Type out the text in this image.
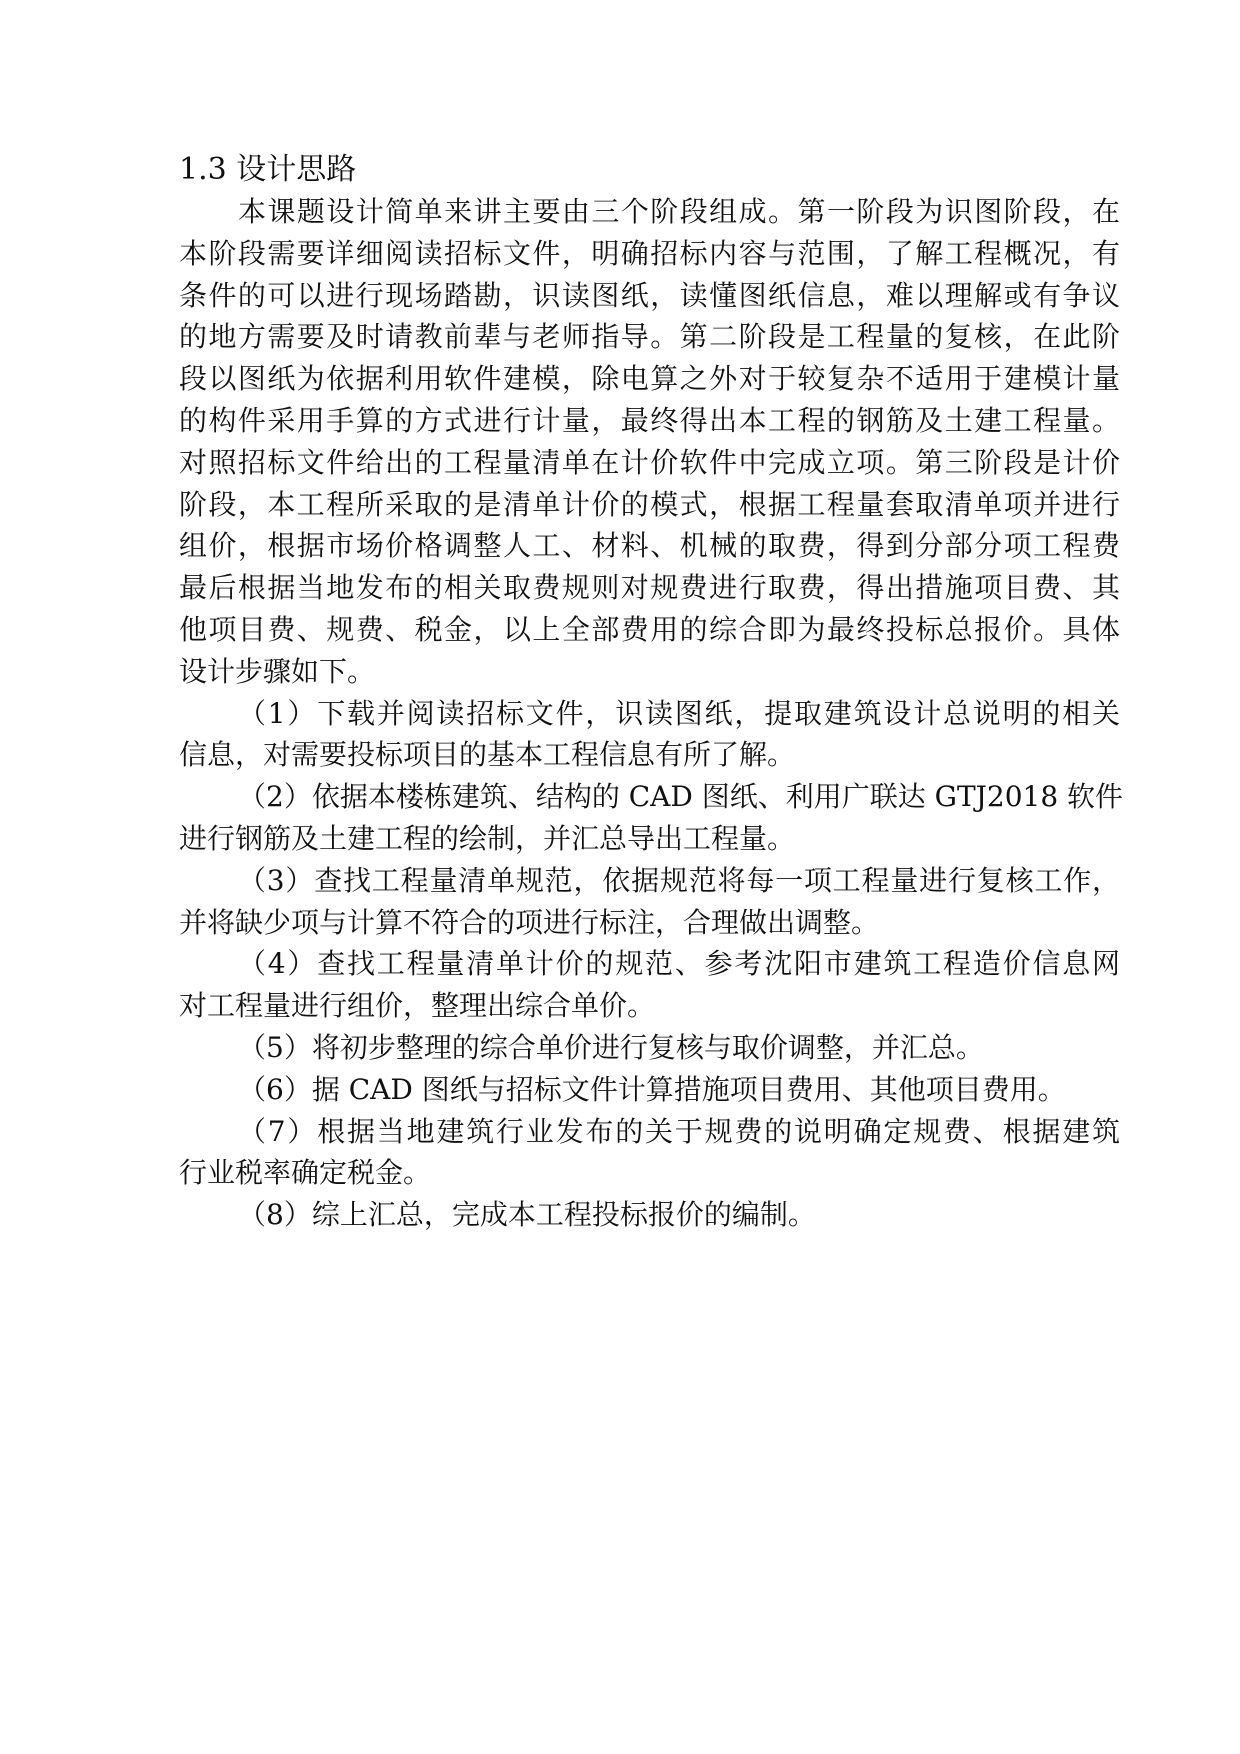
1.3 设计思路
本课题设计简单来讲主要由三个阶段组成。第一阶段为识图阶段，在
本阶段需要详细阅读招标文件，明确招标内容与范围，了解工程概况，有
条件的可以进行现场踏勘，识读图纸，读懂图纸信息，难以理解或有争议
的地方需要及时请教前辈与老师指导。第二阶段是工程量的复核，在此阶
段以图纸为依据利用软件建模，除电算之外对于较复杂不适用于建模计量
的构件采用手算的方式进行计量，最终得出本工程的钢筋及土建工程量。
对照招标文件给出的工程量清单在计价软件中完成立项。第三阶段是计价
阶段，本工程所采取的是清单计价的模式，根据工程量套取清单项并进行
组价，根据市场价格调整人工、材料、机械的取费，得到分部分项工程费
最后根据当地发布的相关取费规则对规费进行取费，得出措施项目费、其
他项目费、规费、税金，以上全部费用的综合即为最终投标总报价。具体
设计步骤如下。
（1）下载并阅读招标文件，识读图纸，提取建筑设计总说明的相关
信息，对需要投标项目的基本工程信息有所了解。
（2）依据本楼栋建筑、结构的 CAD 图纸、利用广联达 GTJ2018 软件
进行钢筋及土建工程的绘制，并汇总导出工程量。
（3）查找工程量清单规范，依据规范将每一项工程量进行复核工作，
并将缺少项与计算不符合的项进行标注，合理做出调整。
（4）查找工程量清单计价的规范、参考沈阳市建筑工程造价信息网
对工程量进行组价，整理出综合单价。
（5）将初步整理的综合单价进行复核与取价调整，并汇总。
（6）据 CAD 图纸与招标文件计算措施项目费用、其他项目费用。
（7）根据当地建筑行业发布的关于规费的说明确定规费、根据建筑
行业税率确定税金。
（8）综上汇总，完成本工程投标报价的编制。
